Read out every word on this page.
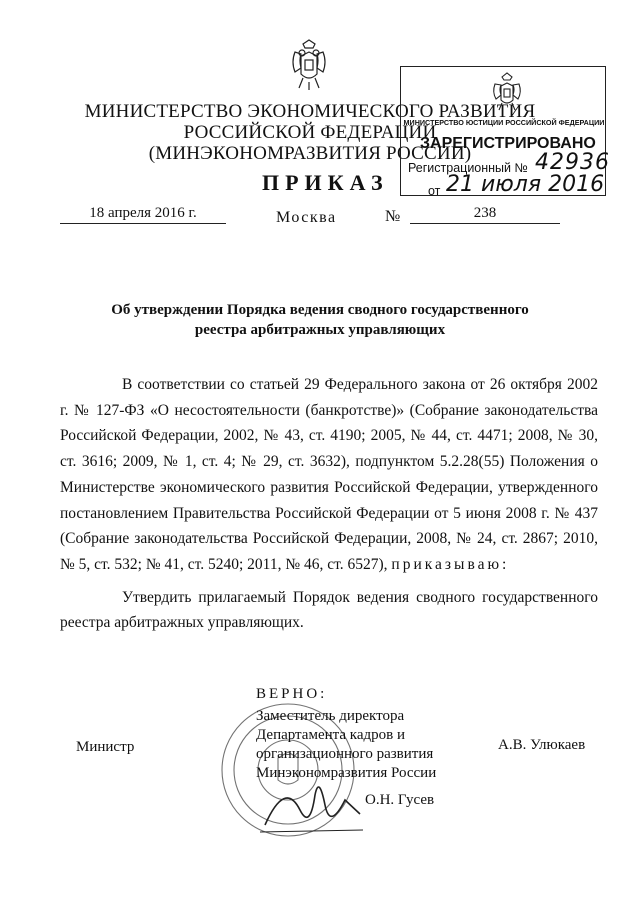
МИНИСТЕРСТВО ЭКОНОМИЧЕСКОГО РАЗВИТИЯ
РОССИЙСКОЙ ФЕДЕРАЦИИ
(МИНЭКОНОМРАЗВИТИЯ РОССИИ)
ПРИКАЗ
18 апреля 2016 г.	Москва	№	238
МИНИСТЕРСТВО ЮСТИЦИИ РОССИЙСКОЙ ФЕДЕРАЦИИ
ЗАРЕГИСТРИРОВАНО
Регистрационный № 42936
от 21 июля 2016
Об утверждении Порядка ведения сводного государственного реестра арбитражных управляющих

В соответствии со статьей 29 Федерального закона от 26 октября 2002 г. № 127-ФЗ «О несостоятельности (банкротстве)» (Собрание законодательства Российской Федерации, 2002, № 43, ст. 4190; 2005, № 44, ст. 4471; 2008, № 30, ст. 3616; 2009, № 1, ст. 4; № 29, ст. 3632), подпунктом 5.2.28(55) Положения о Министерстве экономического развития Российской Федерации, утвержденного постановлением Правительства Российской Федерации от 5 июня 2008 г. № 437 (Собрание законодательства Российской Федерации, 2008, № 24, ст. 2867; 2010, № 5, ст. 532; № 41, ст. 5240; 2011, № 46, ст. 6527), приказываю:

Утвердить прилагаемый Порядок ведения сводного государственного реестра арбитражных управляющих.

Министр	А.В. Улюкаев
ВЕРНО:
Заместитель директора
Департамента кадров и
организационного развития
Минэкономразвития России
О.Н. Гусев
